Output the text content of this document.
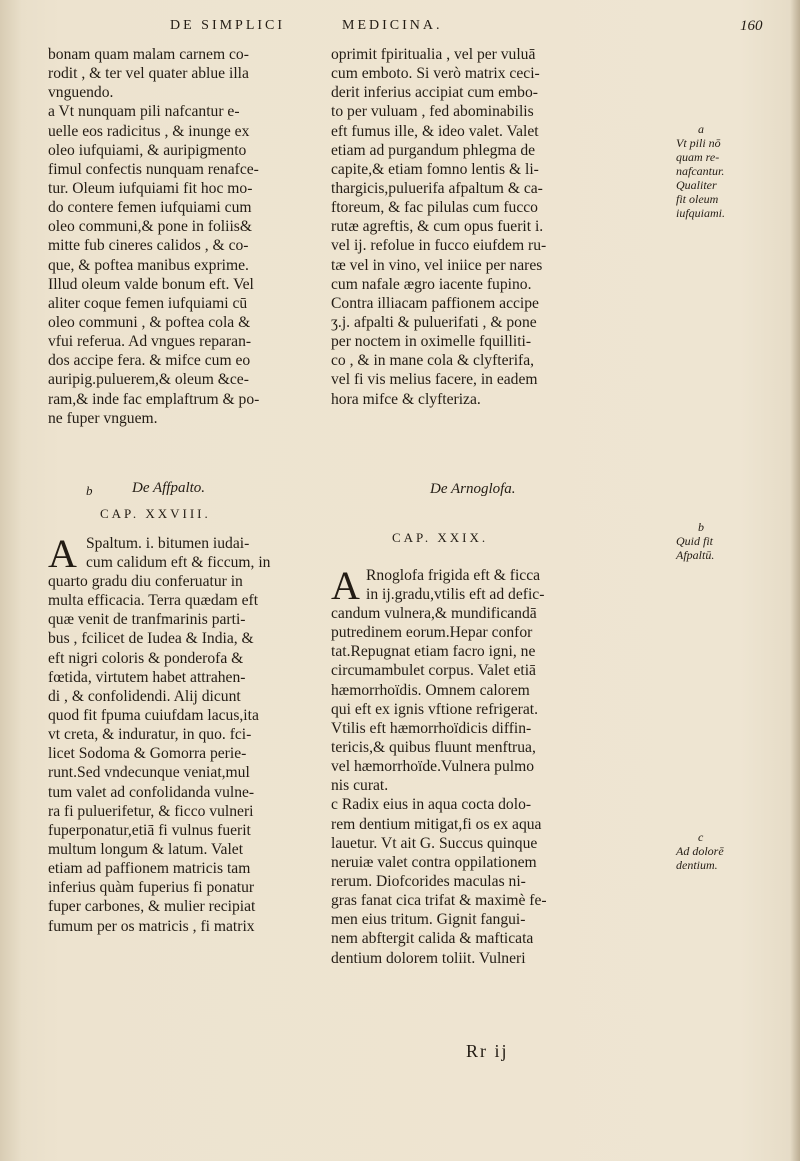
DE SIMPLICI	MEDICINA.	160
bonam quam malam carnem co-
rodit , & ter vel quater ablue illa
vnguendo.
a Vt nunquam pili nafcantur e-
uelle eos radicitus , & inunge ex
oleo iufquiami, & auripigmento
fimul confectis nunquam renafce-
tur. Oleum iufquiami fit hoc mo-
do contere femen iufquiami cum
oleo communi,& pone in foliis&
mitte fub cineres calidos , & co-
que, & poftea manibus exprime.
Illud oleum valde bonum eft. Vel
aliter coque femen iufquiami cū
oleo communi , & poftea cola &
vfui referua. Ad vngues reparan-
dos accipe fera. & mifce cum eo
auripig.puluerem,& oleum &ce-
ram,& inde fac emplaftrum & po-
ne fuper vnguem.
b	De Affpalto.
CAP. XXVIII.
A Spaltum. i. bitumen iudai-
cum calidum eft & ficcum, in
quarto gradu diu conferuatur in
multa efficacia. Terra quædam eft
quæ venit de tranfmarinis parti-
bus , fcilicet de Iudea & India, &
eft nigri coloris & ponderofa &
fœtida, virtutem habet attrahen-
di , & confolidendi. Alij dicunt
quod fit fpuma cuiufdam lacus,ita
vt creta, & induratur, in quo. fci-
licet Sodoma & Gomorra perie-
runt.Sed vndecunque veniat,mul
tum valet ad confolidanda vulne-
ra fi puluerifetur, & ficco vulneri
fuperponatur,etiā fi vulnus fuerit
multum longum & latum. Valet
etiam ad paffionem matricis tam
inferius quàm fuperius fi ponatur
fuper carbones, & mulier recipiat
fumum per os matricis , fi matrix
oprimit fpiritualia , vel per vuluā
cum emboto. Si verò matrix ceci-
derit inferius accipiat cum embo-
to per vuluam , fed abominabilis
eft fumus ille, & ideo valet. Valet
etiam ad purgandum phlegma de
capite,& etiam fomno lentis & li-
thargicis,puluerifa afpaltum & ca-
ftoreum, & fac pilulas cum fucco
rutæ agreftis, & cum opus fuerit i.
vel ij. refolue in fucco eiufdem ru-
tæ vel in vino, vel iniice per nares
cum nafale ægro iacente fupino.
Contra illiacam paffionem accipe
ʒ.j. afpalti & puluerifati , & pone
per noctem in oximelle fquilliti-
co , & in mane cola & clyfterifa,
vel fi vis melius facere, in eadem
hora mifce & clyfteriza.
De Arnoglofa.
CAP. XXIX.
A Rnoglofa frigida eft & ficca
in ij.gradu,vtilis eft ad defic-
candum vulnera,& mundificandā
putredinem eorum.Hepar confor
tat.Repugnat etiam facro igni, ne
circumambulet corpus. Valet etiā
hæmorrhoïdis. Omnem calorem
qui eft ex ignis vftione refrigerat.
Vtilis eft hæmorrhoïdicis diffin-
tericis,& quibus fluunt menftrua,
vel hæmorrhoïde.Vulnera pulmo
nis curat.
c Radix eius in aqua cocta dolo-
rem dentium mitigat,fi os ex aqua
lauetur. Vt ait G. Succus quinque
neruiæ valet contra oppilationem
rerum. Diofcorides maculas ni-
gras fanat cica trifat & maximè fe-
men eius tritum. Gignit fangui-
nem abftergit calida & mafticata
dentium dolorem toliit. Vulneri
Rr ij
a
Vt pili nō
quam re-
nafcantur.
Qualiter
fit oleum
iufquiami.
b
Quid fit
Afpaltū.
c
Ad dolorē
dentium.
